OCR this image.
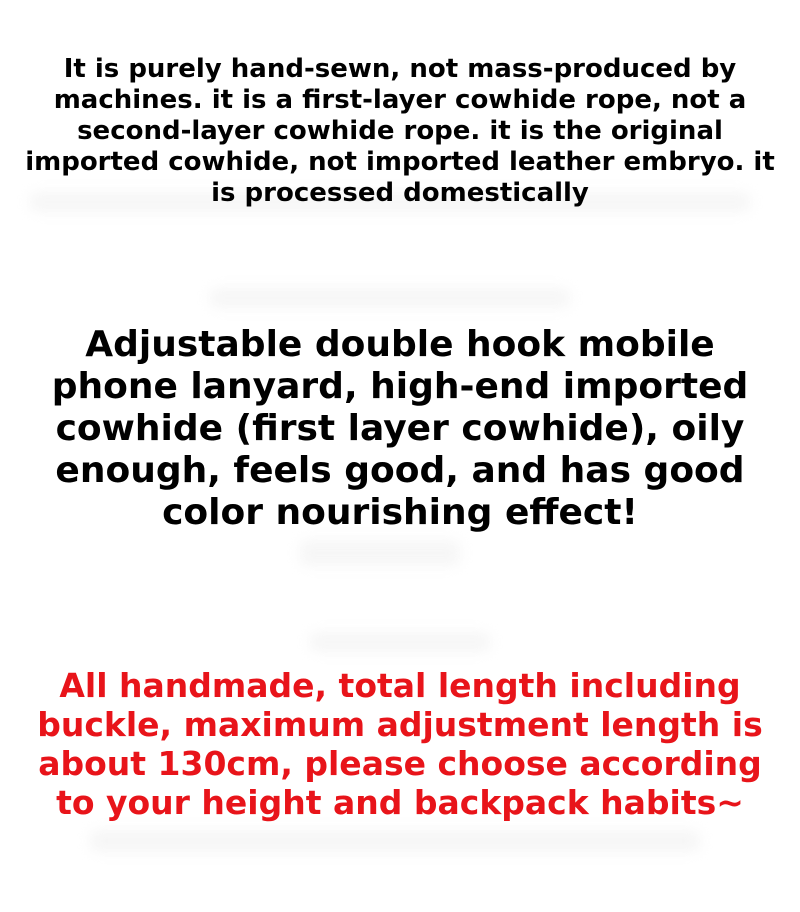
It is purely hand-sewn, not mass-produced by machines. it is a first-layer cowhide rope, not a second-layer cowhide rope. it is the original imported cowhide, not imported leather embryo. it is processed domestically
Adjustable double hook mobile phone lanyard, high-end imported cowhide (first layer cowhide), oily enough, feels good, and has good color nourishing effect!
All handmade, total length including buckle, maximum adjustment length is about 130cm, please choose according to your height and backpack habits~
